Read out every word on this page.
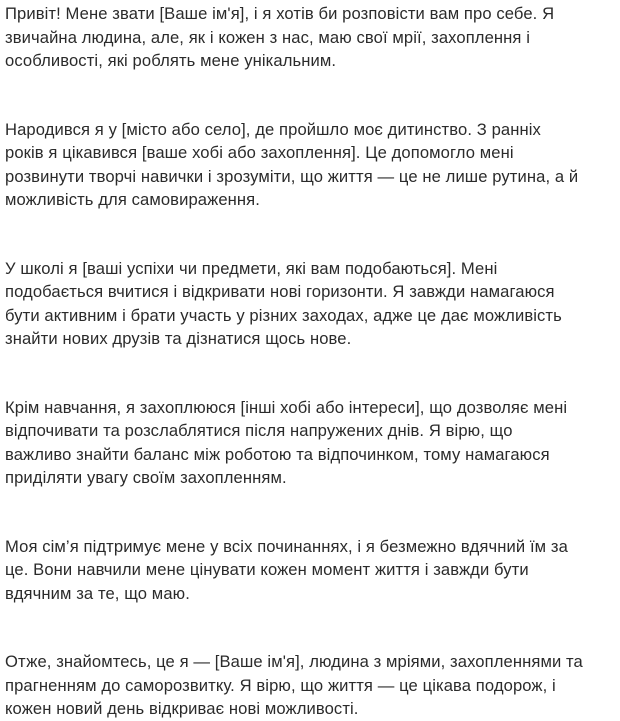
Привіт! Мене звати [Ваше ім'я], і я хотів би розповісти вам про себе. Я
звичайна людина, але, як і кожен з нас, маю свої мрії, захоплення і
особливості, які роблять мене унікальним.

Народився я у [місто або село], де пройшло моє дитинство. З ранніх
років я цікавився [ваше хобі або захоплення]. Це допомогло мені
розвинути творчі навички і зрозуміти, що життя — це не лише рутина, а й
можливість для самовираження.

У школі я [ваші успіхи чи предмети, які вам подобаються]. Мені
подобається вчитися і відкривати нові горизонти. Я завжди намагаюся
бути активним і брати участь у різних заходах, адже це дає можливість
знайти нових друзів та дізнатися щось нове.

Крім навчання, я захоплююся [інші хобі або інтереси], що дозволяє мені
відпочивати та розслаблятися після напружених днів. Я вірю, що
важливо знайти баланс між роботою та відпочинком, тому намагаюся
приділяти увагу своїм захопленням.

Моя сім’я підтримує мене у всіх починаннях, і я безмежно вдячний їм за
це. Вони навчили мене цінувати кожен момент життя і завжди бути
вдячним за те, що маю.

Отже, знайомтесь, це я — [Ваше ім'я], людина з мріями, захопленнями та
прагненням до саморозвитку. Я вірю, що життя — це цікава подорож, і
кожен новий день відкриває нові можливості.
